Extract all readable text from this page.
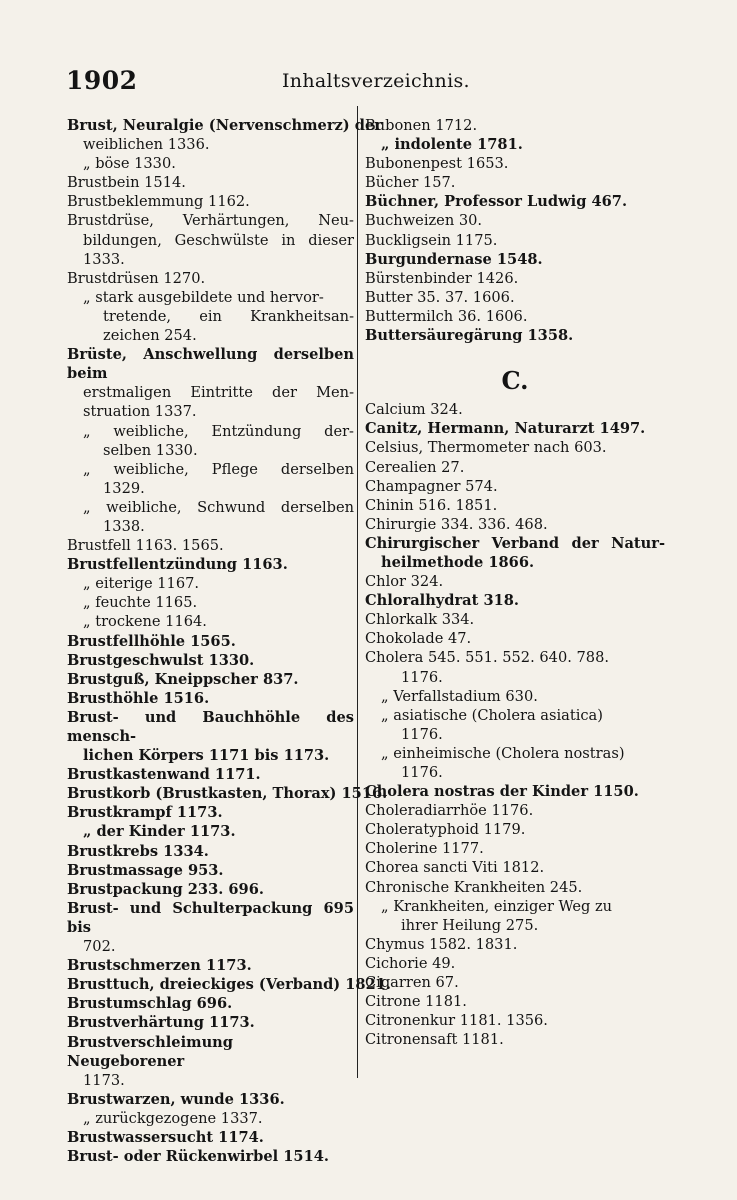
1902	Inhaltsverzeichnis.
Brust, Neuralgie (Nervenschmerz) der
weiblichen 1336.
„ böse 1330.
Brustbein 1514.
Brustbeklemmung 1162.
Brustdrüse, Verhärtungen, Neu-
bildungen, Geschwülste in dieser
1333.
Brustdrüsen 1270.
„ stark ausgebildete und hervor-
tretende, ein Krankheitsan-
zeichen 254.
Brüste, Anschwellung derselben beim
erstmaligen Eintritte der Men-
struation 1337.
„ weibliche, Entzündung der-
selben 1330.
„ weibliche, Pflege derselben
1329.
„ weibliche, Schwund derselben
1338.
Brustfell 1163. 1565.
Brustfellentzündung 1163.
„ eiterige 1167.
„ feuchte 1165.
„ trockene 1164.
Brustfellhöhle 1565.
Brustgeschwulst 1330.
Brustguß, Kneippscher 837.
Brusthöhle 1516.
Brust- und Bauchhöhle des mensch-
lichen Körpers 1171 bis 1173.
Brustkastenwand 1171.
Brustkorb (Brustkasten, Thorax) 1516.
Brustkrampf 1173.
„ der Kinder 1173.
Brustkrebs 1334.
Brustmassage 953.
Brustpackung 233. 696.
Brust- und Schulterpackung 695 bis
702.
Brustschmerzen 1173.
Brusttuch, dreieckiges (Verband) 1821.
Brustumschlag 696.
Brustverhärtung 1173.
Brustverschleimung Neugeborener
1173.
Brustwarzen, wunde 1336.
„ zurückgezogene 1337.
Brustwassersucht 1174.
Brust- oder Rückenwirbel 1514.
Bubonen 1712.
„ indolente 1781.
Bubonenpest 1653.
Bücher 157.
Büchner, Professor Ludwig 467.
Buchweizen 30.
Buckligsein 1175.
Burgundernase 1548.
Bürstenbinder 1426.
Butter 35. 37. 1606.
Buttermilch 36. 1606.
Buttersäuregärung 1358.
C.
Calcium 324.
Canitz, Hermann, Naturarzt 1497.
Celsius, Thermometer nach 603.
Cerealien 27.
Champagner 574.
Chinin 516. 1851.
Chirurgie 334. 336. 468.
Chirurgischer Verband der Natur-
heilmethode 1866.
Chlor 324.
Chloralhydrat 318.
Chlorkalk 334.
Chokolade 47.
Cholera 545. 551. 552. 640. 788.
1176.
„ Verfallstadium 630.
„ asiatische (Cholera asiatica)
1176.
„ einheimische (Cholera nostras)
1176.
Cholera nostras der Kinder 1150.
Choleradiarrhöe 1176.
Choleratyphoid 1179.
Cholerine 1177.
Chorea sancti Viti 1812.
Chronische Krankheiten 245.
„ Krankheiten, einziger Weg zu
ihrer Heilung 275.
Chymus 1582. 1831.
Cichorie 49.
Cigarren 67.
Citrone 1181.
Citronenkur 1181. 1356.
Citronensaft 1181.
